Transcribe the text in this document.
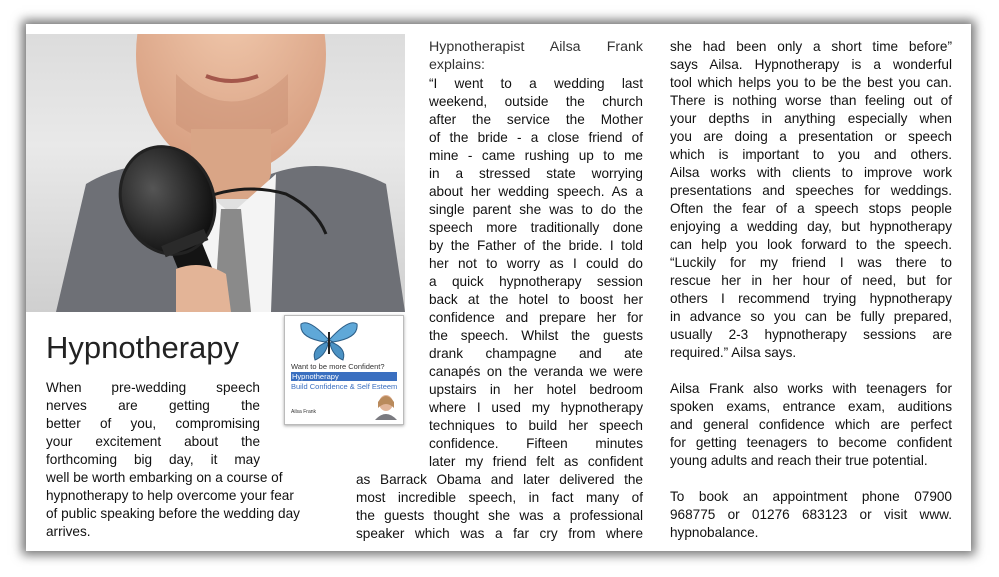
Hypnotherapy

When pre-wedding speech

nerves are getting the

better of you, compromising

your excitement about the

forthcoming big day, it may

well be worth embarking on a course of

hypnotherapy to help overcome your fear

of public speaking before the wedding day

arrives.

Want to be more Confident?
Hypnotherapy
Build Confidence & Self Esteem
Ailsa Frank

Hypnotherapist Ailsa Frank

explains:

“I went to a wedding last

weekend, outside the church

after the service the Mother

of the bride - a close friend of

mine - came rushing up to me

in a stressed state worrying

about her wedding speech. As a

single parent she was to do the

speech more traditionally done

by the Father of the bride. I told

her not to worry as I could do

a quick hypnotherapy session

back at the hotel to boost her

confidence and prepare her for

the speech. Whilst the guests

drank champagne and ate

canapés on the veranda we were

upstairs in her hotel bedroom

where I used my hypnotherapy

techniques to build her speech

confidence. Fifteen minutes

later my friend felt as confident

as Barrack Obama and later delivered the

most incredible speech, in fact many of

the guests thought she was a professional

speaker which was a far cry from where

she had been only a short time before”

says Ailsa. Hypnotherapy is a wonderful

tool which helps you to be the best you can.

There is nothing worse than feeling out of

your depths in anything especially when

you are doing a presentation or speech

which is important to you and others.

Ailsa works with clients to improve work

presentations and speeches for weddings.

Often the fear of a speech stops people

enjoying a wedding day, but hypnotherapy

can help you look forward to the speech.

“Luckily for my friend I was there to

rescue her in her hour of need, but for

others I recommend trying hypnotherapy

in advance so you can be fully prepared,

usually 2-3 hypnotherapy sessions are

required.” Ailsa says.

Ailsa Frank also works with teenagers for

spoken exams, entrance exam, auditions

and general confidence which are perfect

for getting teenagers to become confident

young adults and reach their true potential.

To book an appointment phone 07900

968775 or 01276 683123 or visit www.

hypnobalance.
